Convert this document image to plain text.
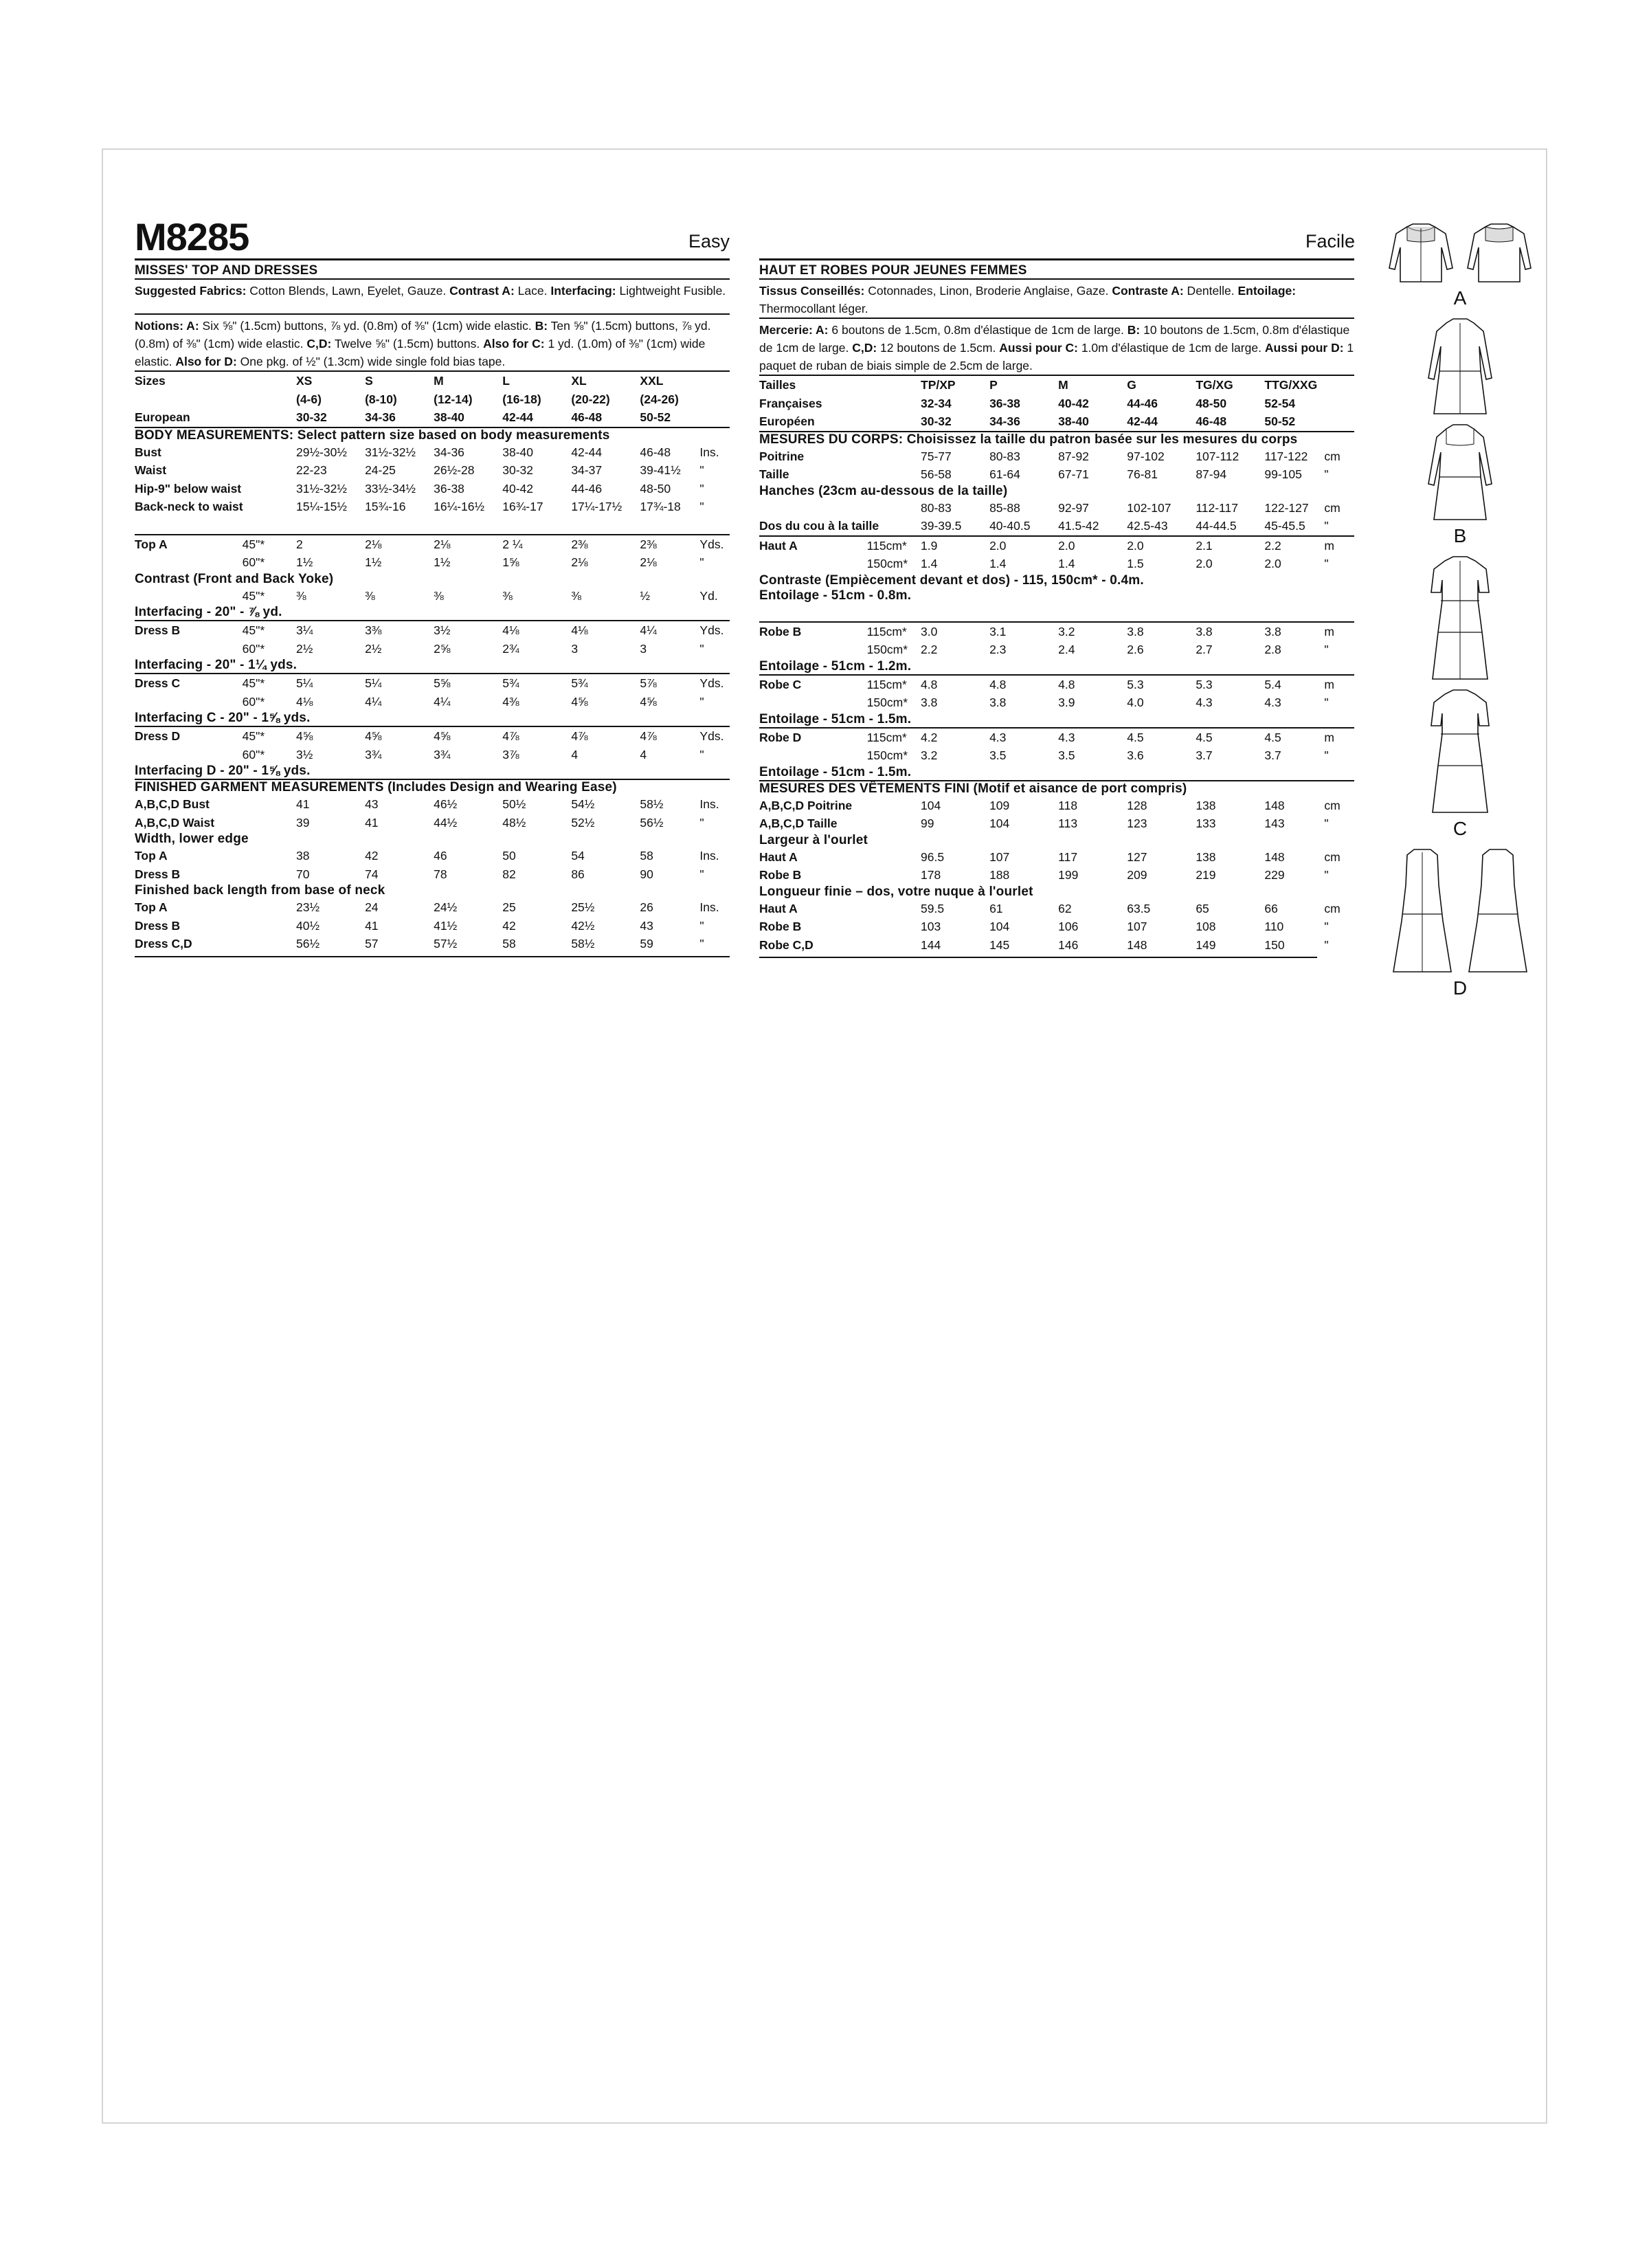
M8285	Easy	Facile
MISSES' TOP AND DRESSES
Suggested Fabrics: Cotton Blends, Lawn, Eyelet, Gauze. Contrast A: Lace. Interfacing: Lightweight Fusible.
Notions: A: Six ⅝" (1.5cm) buttons, ⅞ yd. (0.8m) of ⅜" (1cm) wide elastic. B: Ten ⅝" (1.5cm) buttons, ⅞ yd. (0.8m) of ⅜" (1cm) wide elastic. C,D: Twelve ⅝" (1.5cm) buttons. Also for C: 1 yd. (1.0m) of ⅜" (1cm) wide elastic. Also for D: One pkg. of ½" (1.3cm) wide single fold bias tape.
Sizes		XS	S	M	L	XL	XXL	
		(4-6)	(8-10)	(12-14)	(16-18)	(20-22)	(24-26)	
European		30-32	34-36	38-40	42-44	46-48	50-52	
BODY MEASUREMENTS: Select pattern size based on body measurements
Bust		29½-30½	31½-32½	34-36	38-40	42-44	46-48	Ins.
Waist		22-23	24-25	26½-28	30-32	34-37	39-41½	"
Hip-9" below waist		31½-32½	33½-34½	36-38	40-42	44-46	48-50	"
Back-neck to waist		15¼-15½	15¾-16	16¼-16½	16¾-17	17¼-17½	17¾-18	"
Top A	45"*	2	2⅛	2⅛	2 ¼	2⅜	2⅜	Yds.
	60"*	1½	1½	1½	1⅝	2⅛	2⅛	"
Contrast (Front and Back Yoke)
	45"*	⅜	⅜	⅜	⅜	⅜	½	Yd.
Interfacing - 20" - ⅞ yd.
Dress B	45"*	3¼	3⅜	3½	4⅛	4⅛	4¼	Yds.
	60"*	2½	2½	2⅝	2¾	3	3	"
Interfacing - 20" - 1¼ yds.
Dress C	45"*	5¼	5¼	5⅝	5¾	5¾	5⅞	Yds.
	60"*	4⅛	4¼	4¼	4⅜	4⅝	4⅝	"
Interfacing C - 20" - 1⅝ yds.
Dress D	45"*	4⅝	4⅝	4⅝	4⅞	4⅞	4⅞	Yds.
	60"*	3½	3¾	3¾	3⅞	4	4	"
Interfacing D - 20" - 1⅝ yds.
FINISHED GARMENT MEASUREMENTS (Includes Design and Wearing Ease)
A,B,C,D Bust		41	43	46½	50½	54½	58½	Ins.
A,B,C,D Waist		39	41	44½	48½	52½	56½	"
Width, lower edge
Top A		38	42	46	50	54	58	Ins.
Dress B		70	74	78	82	86	90	"
Finished back length from base of neck
Top A		23½	24	24½	25	25½	26	Ins.
Dress B		40½	41	41½	42	42½	43	"
Dress C,D		56½	57	57½	58	58½	59	"
HAUT ET ROBES POUR JEUNES FEMMES
Tissus Conseillés: Cotonnades, Linon, Broderie Anglaise, Gaze. Contraste A: Dentelle. Entoilage: Thermocollant léger.
Mercerie: A: 6 boutons de 1.5cm, 0.8m d'élastique de 1cm de large. B: 10 boutons de 1.5cm, 0.8m d'élastique de 1cm de large. C,D: 12 boutons de 1.5cm. Aussi pour C: 1.0m d'élastique de 1cm de large. Aussi pour D: 1 paquet de ruban de biais simple de 2.5cm de large.
Tailles		TP/XP	P	M	G	TG/XG	TTG/XXG	
Françaises		32-34	36-38	40-42	44-46	48-50	52-54	
Européen		30-32	34-36	38-40	42-44	46-48	50-52	
MESURES DU CORPS: Choisissez la taille du patron basée sur les mesures du corps
Poitrine		75-77	80-83	87-92	97-102	107-112	117-122	cm
Taille		56-58	61-64	67-71	76-81	87-94	99-105	"
Hanches (23cm au-dessous de la taille)
		80-83	85-88	92-97	102-107	112-117	122-127	cm
Dos du cou à la taille		39-39.5	40-40.5	41.5-42	42.5-43	44-44.5	45-45.5	"
Haut A	115cm*	1.9	2.0	2.0	2.0	2.1	2.2	m
	150cm*	1.4	1.4	1.4	1.5	2.0	2.0	"
Contraste (Empiècement devant et dos) - 115, 150cm* - 0.4m.
Entoilage - 51cm - 0.8m.
Robe B	115cm*	3.0	3.1	3.2	3.8	3.8	3.8	m
	150cm*	2.2	2.3	2.4	2.6	2.7	2.8	"
Entoilage - 51cm - 1.2m.
Robe C	115cm*	4.8	4.8	4.8	5.3	5.3	5.4	m
	150cm*	3.8	3.8	3.9	4.0	4.3	4.3	"
Entoilage - 51cm - 1.5m.
Robe D	115cm*	4.2	4.3	4.3	4.5	4.5	4.5	m
	150cm*	3.2	3.5	3.5	3.6	3.7	3.7	"
Entoilage - 51cm - 1.5m.
MESURES DES VÊTEMENTS FINI (Motif et aisance de port compris)
A,B,C,D Poitrine		104	109	118	128	138	148	cm
A,B,C,D Taille		99	104	113	123	133	143	"
Largeur à l'ourlet
Haut A		96.5	107	117	127	138	148	cm
Robe B		178	188	199	209	219	229	"
Longueur finie – dos, votre nuque à l'ourlet
Haut A		59.5	61	62	63.5	65	66	cm
Robe B		103	104	106	107	108	110	"
Robe C,D		144	145	146	148	149	150	"
A
B
C
D
